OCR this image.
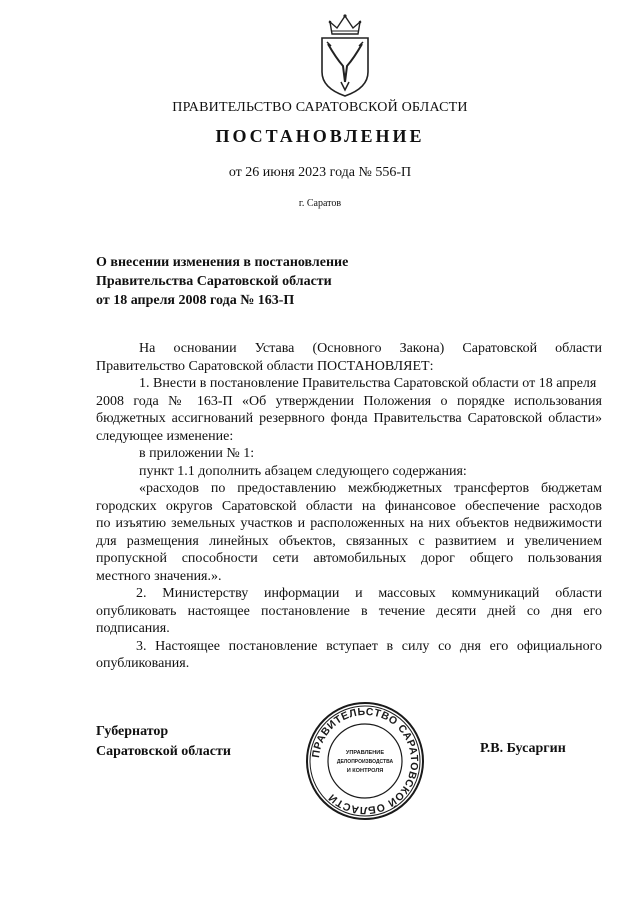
ПРАВИТЕЛЬСТВО САРАТОВСКОЙ ОБЛАСТИ
ПОСТАНОВЛЕНИЕ
от 26 июня 2023 года № 556-П
г. Саратов
О внесении изменения в постановление
Правительства Саратовской области
от 18 апреля 2008 года № 163-П
На основании Устава (Основного Закона) Саратовской области
Правительство Саратовской области ПОСТАНОВЛЯЕТ:
1. Внести в постановление Правительства Саратовской области от 18 апреля
2008 года № 163-П «Об утверждении Положения о порядке использования
бюджетных ассигнований резервного фонда Правительства Саратовской области»
следующее изменение:
в приложении № 1:
пункт 1.1 дополнить абзацем следующего содержания:
«расходов по предоставлению межбюджетных трансфертов бюджетам
городских округов Саратовской области на финансовое обеспечение расходов
по изъятию земельных участков и расположенных на них объектов недвижимости
для размещения линейных объектов, связанных с развитием и увеличением
пропускной способности сети автомобильных дорог общего пользования
местного значения.».
2. Министерству информации и массовых коммуникаций области
опубликовать настоящее постановление в течение десяти дней со дня его
подписания.
3. Настоящее постановление вступает в силу со дня его официального
опубликования.
Губернатор
Саратовской области	ПРАВИТЕЛЬСТВО САРАТОВСКОЙ ОБЛАСТИ
УПРАВЛЕНИЕ
ДЕЛОПРОИЗВОДСТВА
И КОНТРОЛЯ
Р.В. Бусаргин
